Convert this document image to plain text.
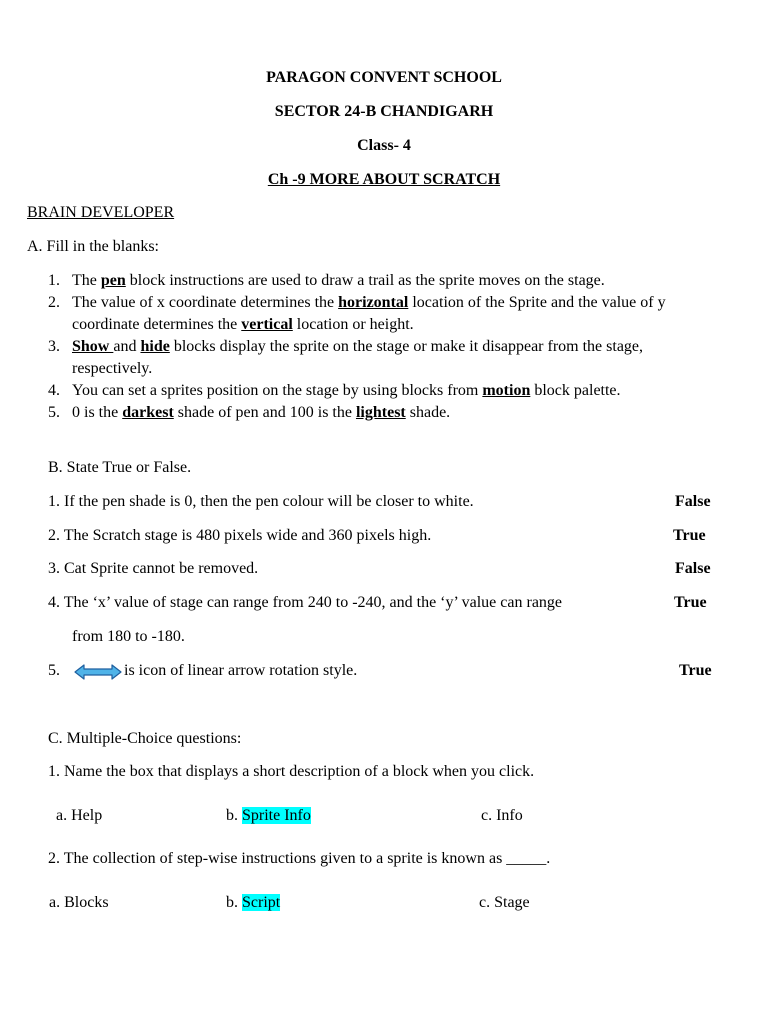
PARAGON CONVENT SCHOOL
SECTOR 24-B CHANDIGARH
Class- 4
Ch -9 MORE ABOUT SCRATCH
BRAIN DEVELOPER
A. Fill in the blanks:
1. The pen block instructions are used to draw a trail as the sprite moves on the stage.
2. The value of x coordinate determines the horizontal location of the Sprite and the value of y
coordinate determines the vertical location or height.
3. Show and hide blocks display the sprite on the stage or make it disappear from the stage,
respectively.
4. You can set a sprites position on the stage by using blocks from motion block palette.
5. 0 is the darkest shade of pen and 100 is the lightest shade.
B. State True or False.
1. If the pen shade is 0, then the pen colour will be closer to white.	False
2. The Scratch stage is 480 pixels wide and 360 pixels high.	True
3. Cat Sprite cannot be removed.	False
4. The ‘x’ value of stage can range from 240 to -240, and the ‘y’ value can range	True
from 180 to -180.
5.	is icon of linear arrow rotation style.	True
C. Multiple-Choice questions:
1. Name the box that displays a short description of a block when you click.
a. Help	b. Sprite Info	c. Info
2. The collection of step-wise instructions given to a sprite is known as _____.
a. Blocks	b. Script	c. Stage
